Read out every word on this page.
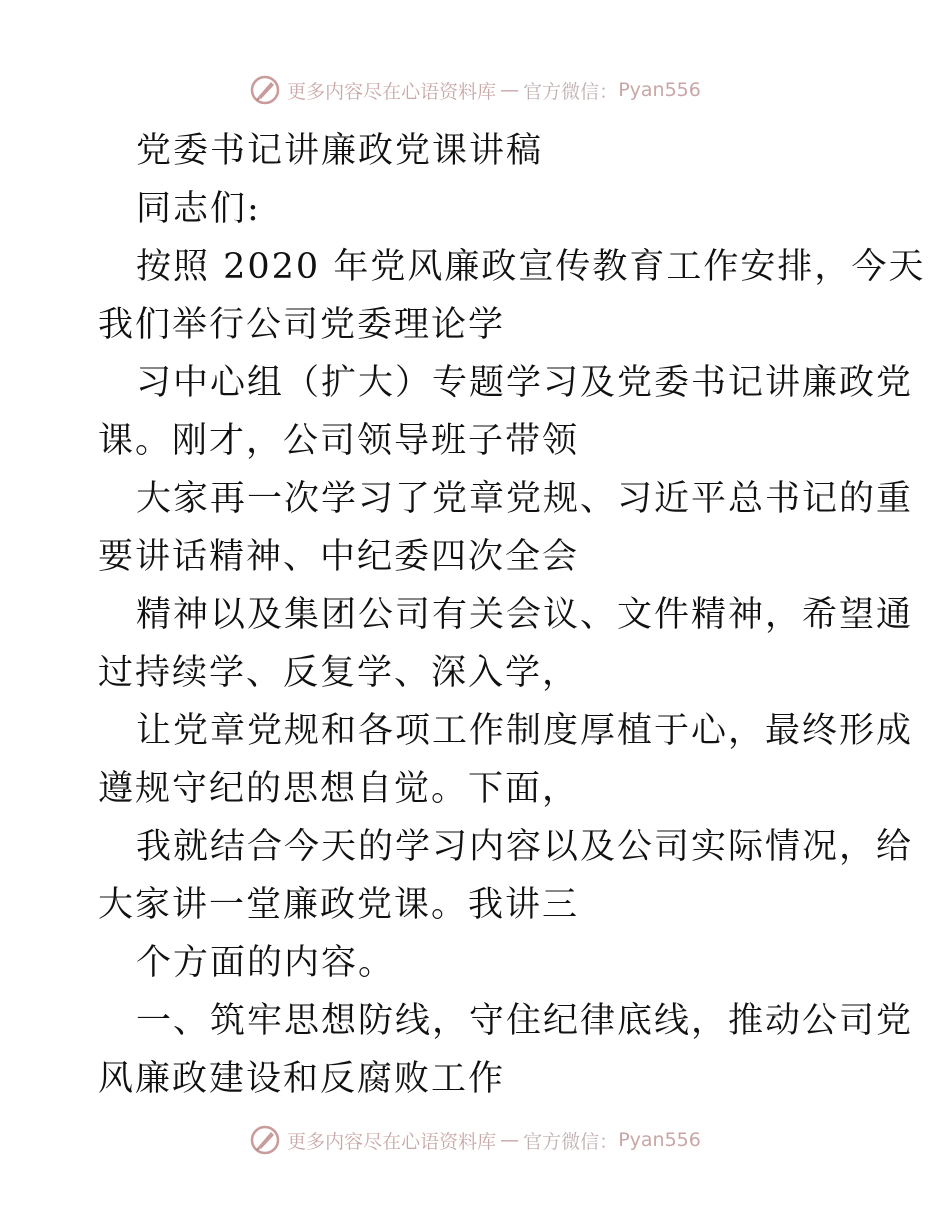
更多内容尽在心语资料库 — 官方微信： Pyan556
党委书记讲廉政党课讲稿
同志们:
按照 2020 年党风廉政宣传教育工作安排，今天
我们举行公司党委理论学
习中心组（扩大）专题学习及党委书记讲廉政党
课。刚才，公司领导班子带领
大家再一次学习了党章党规、习近平总书记的重
要讲话精神、中纪委四次全会
精神以及集团公司有关会议、文件精神，希望通
过持续学、反复学、深入学，
让党章党规和各项工作制度厚植于心，最终形成
遵规守纪的思想自觉。下面，
我就结合今天的学习内容以及公司实际情况，给
大家讲一堂廉政党课。我讲三
个方面的内容。
一、筑牢思想防线，守住纪律底线，推动公司党
风廉政建设和反腐败工作
更多内容尽在心语资料库 — 官方微信： Pyan556
